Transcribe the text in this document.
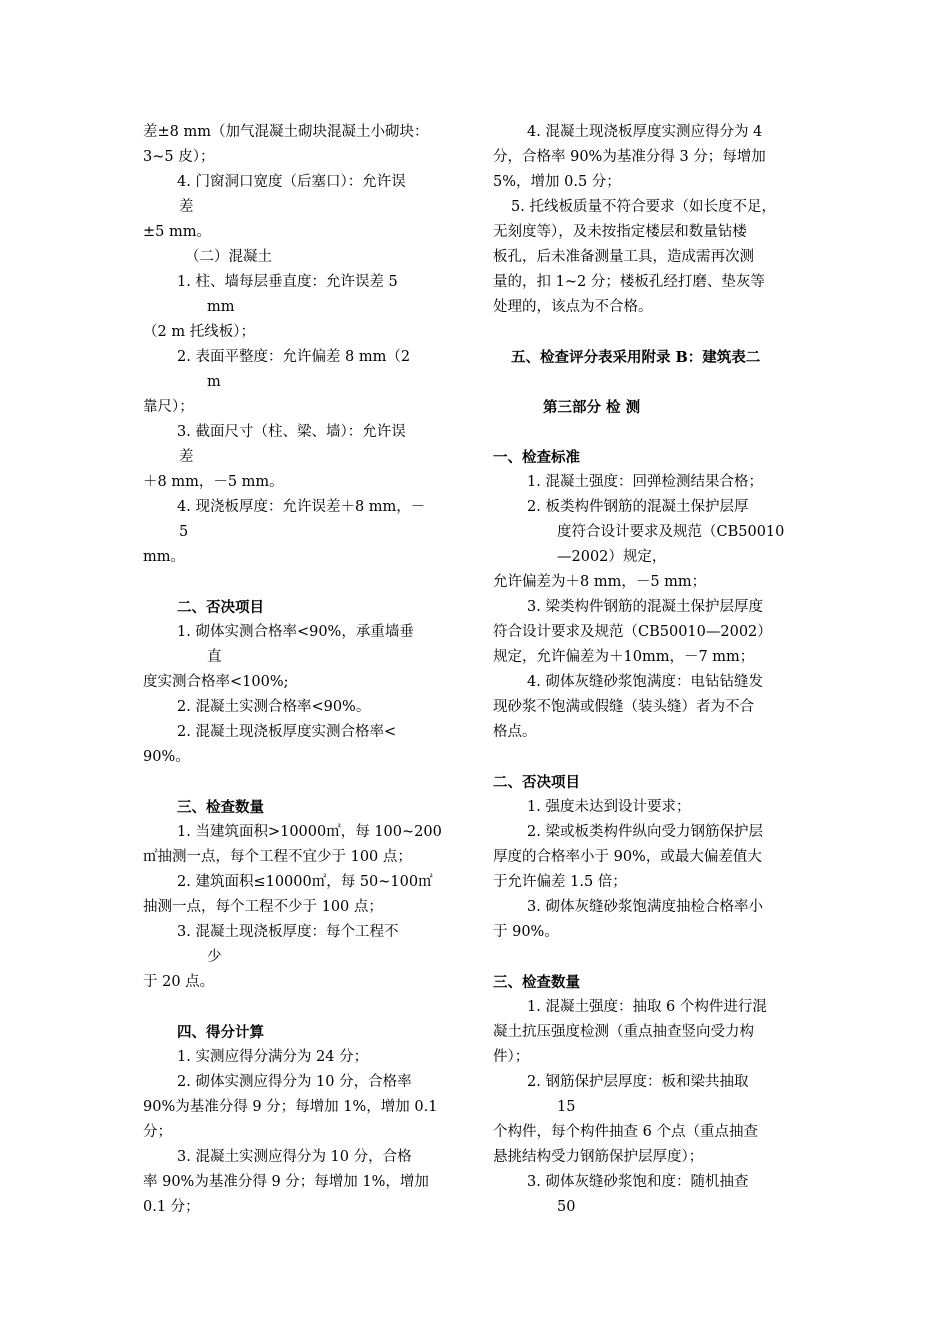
差±8 mm（加气混凝土砌块混凝土小砌块：
3~5 皮）；
4. 门窗洞口宽度（后塞口）：允许误
差
±5 mm。
（二）混凝土
1. 柱、墙每层垂直度：允许误差 5
mm
（2 m 托线板）；
2. 表面平整度：允许偏差 8 mm（2
m
靠尺）；
3. 截面尺寸（柱、梁、墙）：允许误
差
＋8 mm，－5 mm。
4. 现浇板厚度：允许误差＋8 mm，－
5
mm。
二、否决项目
1. 砌体实测合格率<90%，承重墙垂
直
度实测合格率<100%;
2. 混凝土实测合格率<90%。
2. 混凝土现浇板厚度实测合格率<
90%。
三、检查数量
1. 当建筑面积>10000㎡，每 100~200
㎡抽测一点，每个工程不宜少于 100 点；
2. 建筑面积≤10000㎡，每 50~100㎡
抽测一点，每个工程不少于 100 点；
3. 混凝土现浇板厚度：每个工程不
少
于 20 点。
四、得分计算
1. 实测应得分满分为 24 分；
2. 砌体实测应得分为 10 分，合格率
90%为基准分得 9 分；每增加 1%，增加 0.1
分；
3. 混凝土实测应得分为 10 分，合格
率 90%为基准分得 9 分；每增加 1%，增加
0.1 分；
4. 混凝土现浇板厚度实测应得分为 4
分，合格率 90%为基准分得 3 分；每增加
5%，增加 0.5 分；
5. 托线板质量不符合要求（如长度不足，
无刻度等），及未按指定楼层和数量钻楼
板孔，后未准备测量工具，造成需再次测
量的，扣 1~2 分；楼板孔经打磨、垫灰等
处理的，该点为不合格。
五、检查评分表采用附录 B：建筑表二
第三部分 检 测
一、检查标准
1. 混凝土强度：回弹检测结果合格；
2. 板类构件钢筋的混凝土保护层厚
度符合设计要求及规范（CB50010
—2002）规定，
允许偏差为＋8 mm，－5 mm；
3. 梁类构件钢筋的混凝土保护层厚度
符合设计要求及规范（CB50010—2002）
规定，允许偏差为＋10mm，－7 mm；
4. 砌体灰缝砂浆饱满度：电钻钻缝发
现砂浆不饱满或假缝（装头缝）者为不合
格点。
二、否决项目
1. 强度未达到设计要求；
2. 梁或板类构件纵向受力钢筋保护层
厚度的合格率小于 90%，或最大偏差值大
于允许偏差 1.5 倍；
3. 砌体灰缝砂浆饱满度抽检合格率小
于 90%。
三、检查数量
1. 混凝土强度：抽取 6 个构件进行混
凝土抗压强度检测（重点抽查竖向受力构
件）；
2. 钢筋保护层厚度：板和梁共抽取
15
个构件，每个构件抽查 6 个点（重点抽查
悬挑结构受力钢筋保护层厚度）；
3. 砌体灰缝砂浆饱和度：随机抽查
50
